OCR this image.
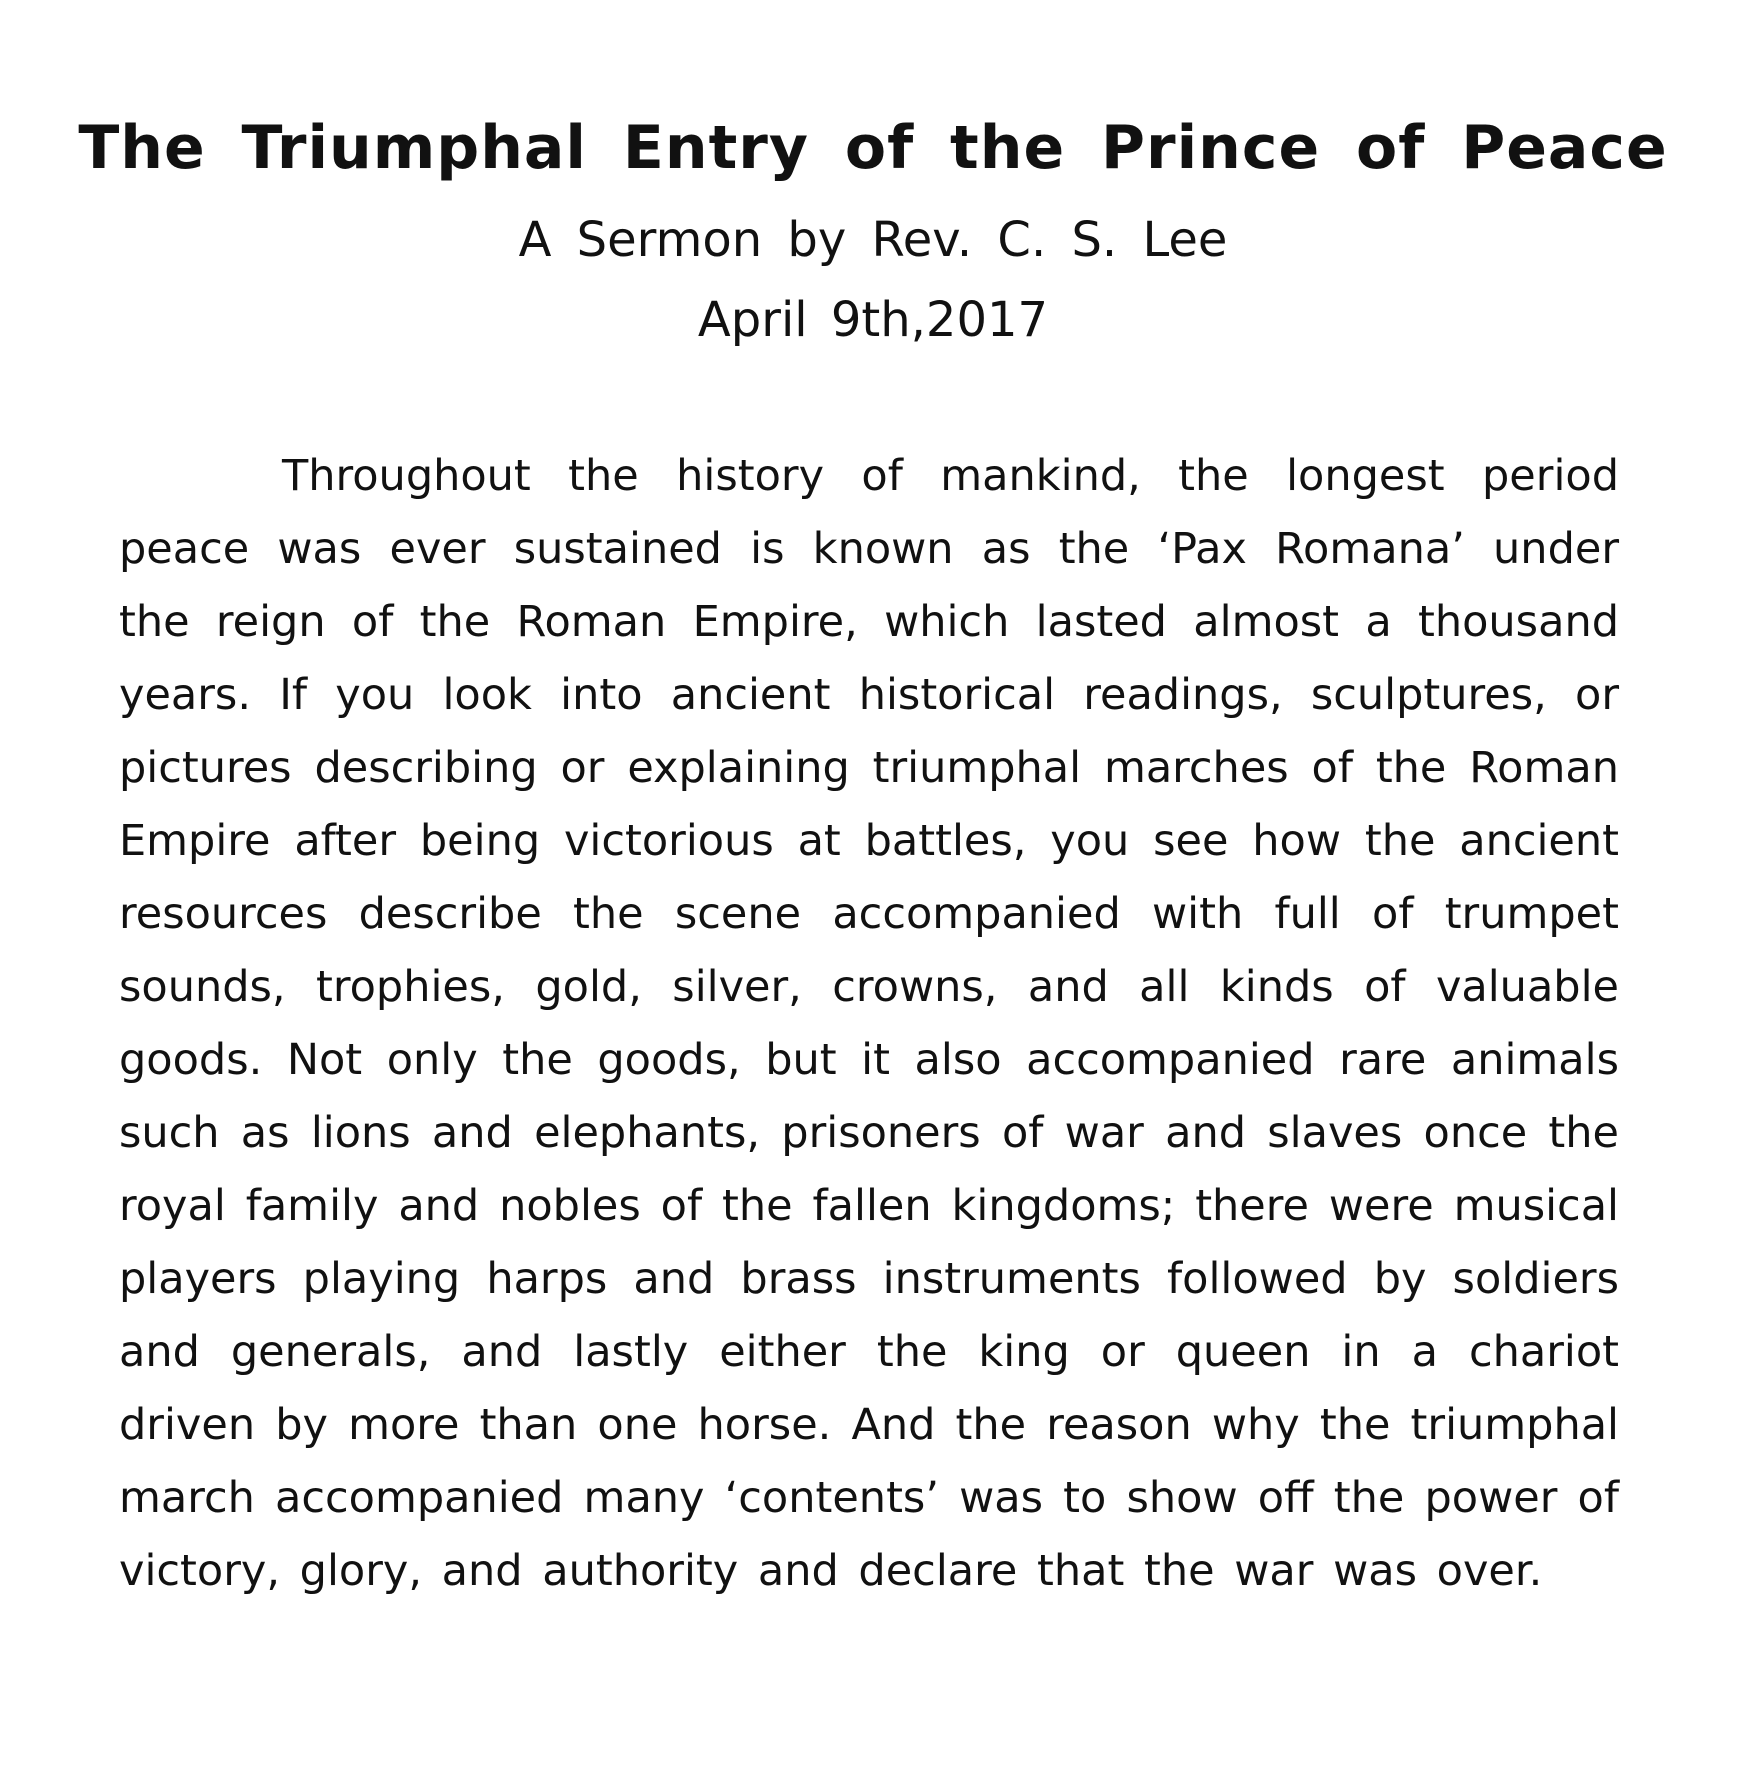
The Triumphal Entry of the Prince of Peace

A Sermon by Rev. C. S. Lee

April 9th,2017

Throughout the history of mankind, the longest period peace was ever sustained is known as the ‘Pax Romana’ under the reign of the Roman Empire, which lasted almost a thousand years. If you look into ancient historical readings, sculptures, or pictures describing or explaining triumphal marches of the Roman Empire after being victorious at battles, you see how the ancient resources describe the scene accompanied with full of trumpet sounds, trophies, gold, silver, crowns, and all kinds of valuable goods. Not only the goods, but it also accompanied rare animals such as lions and elephants, prisoners of war and slaves once the royal family and nobles of the fallen kingdoms; there were musical players playing harps and brass instruments followed by soldiers and generals, and lastly either the king or queen in a chariot driven by more than one horse. And the reason why the triumphal march accompanied many ‘contents’ was to show off the power of victory, glory, and authority and declare that the war was over.
